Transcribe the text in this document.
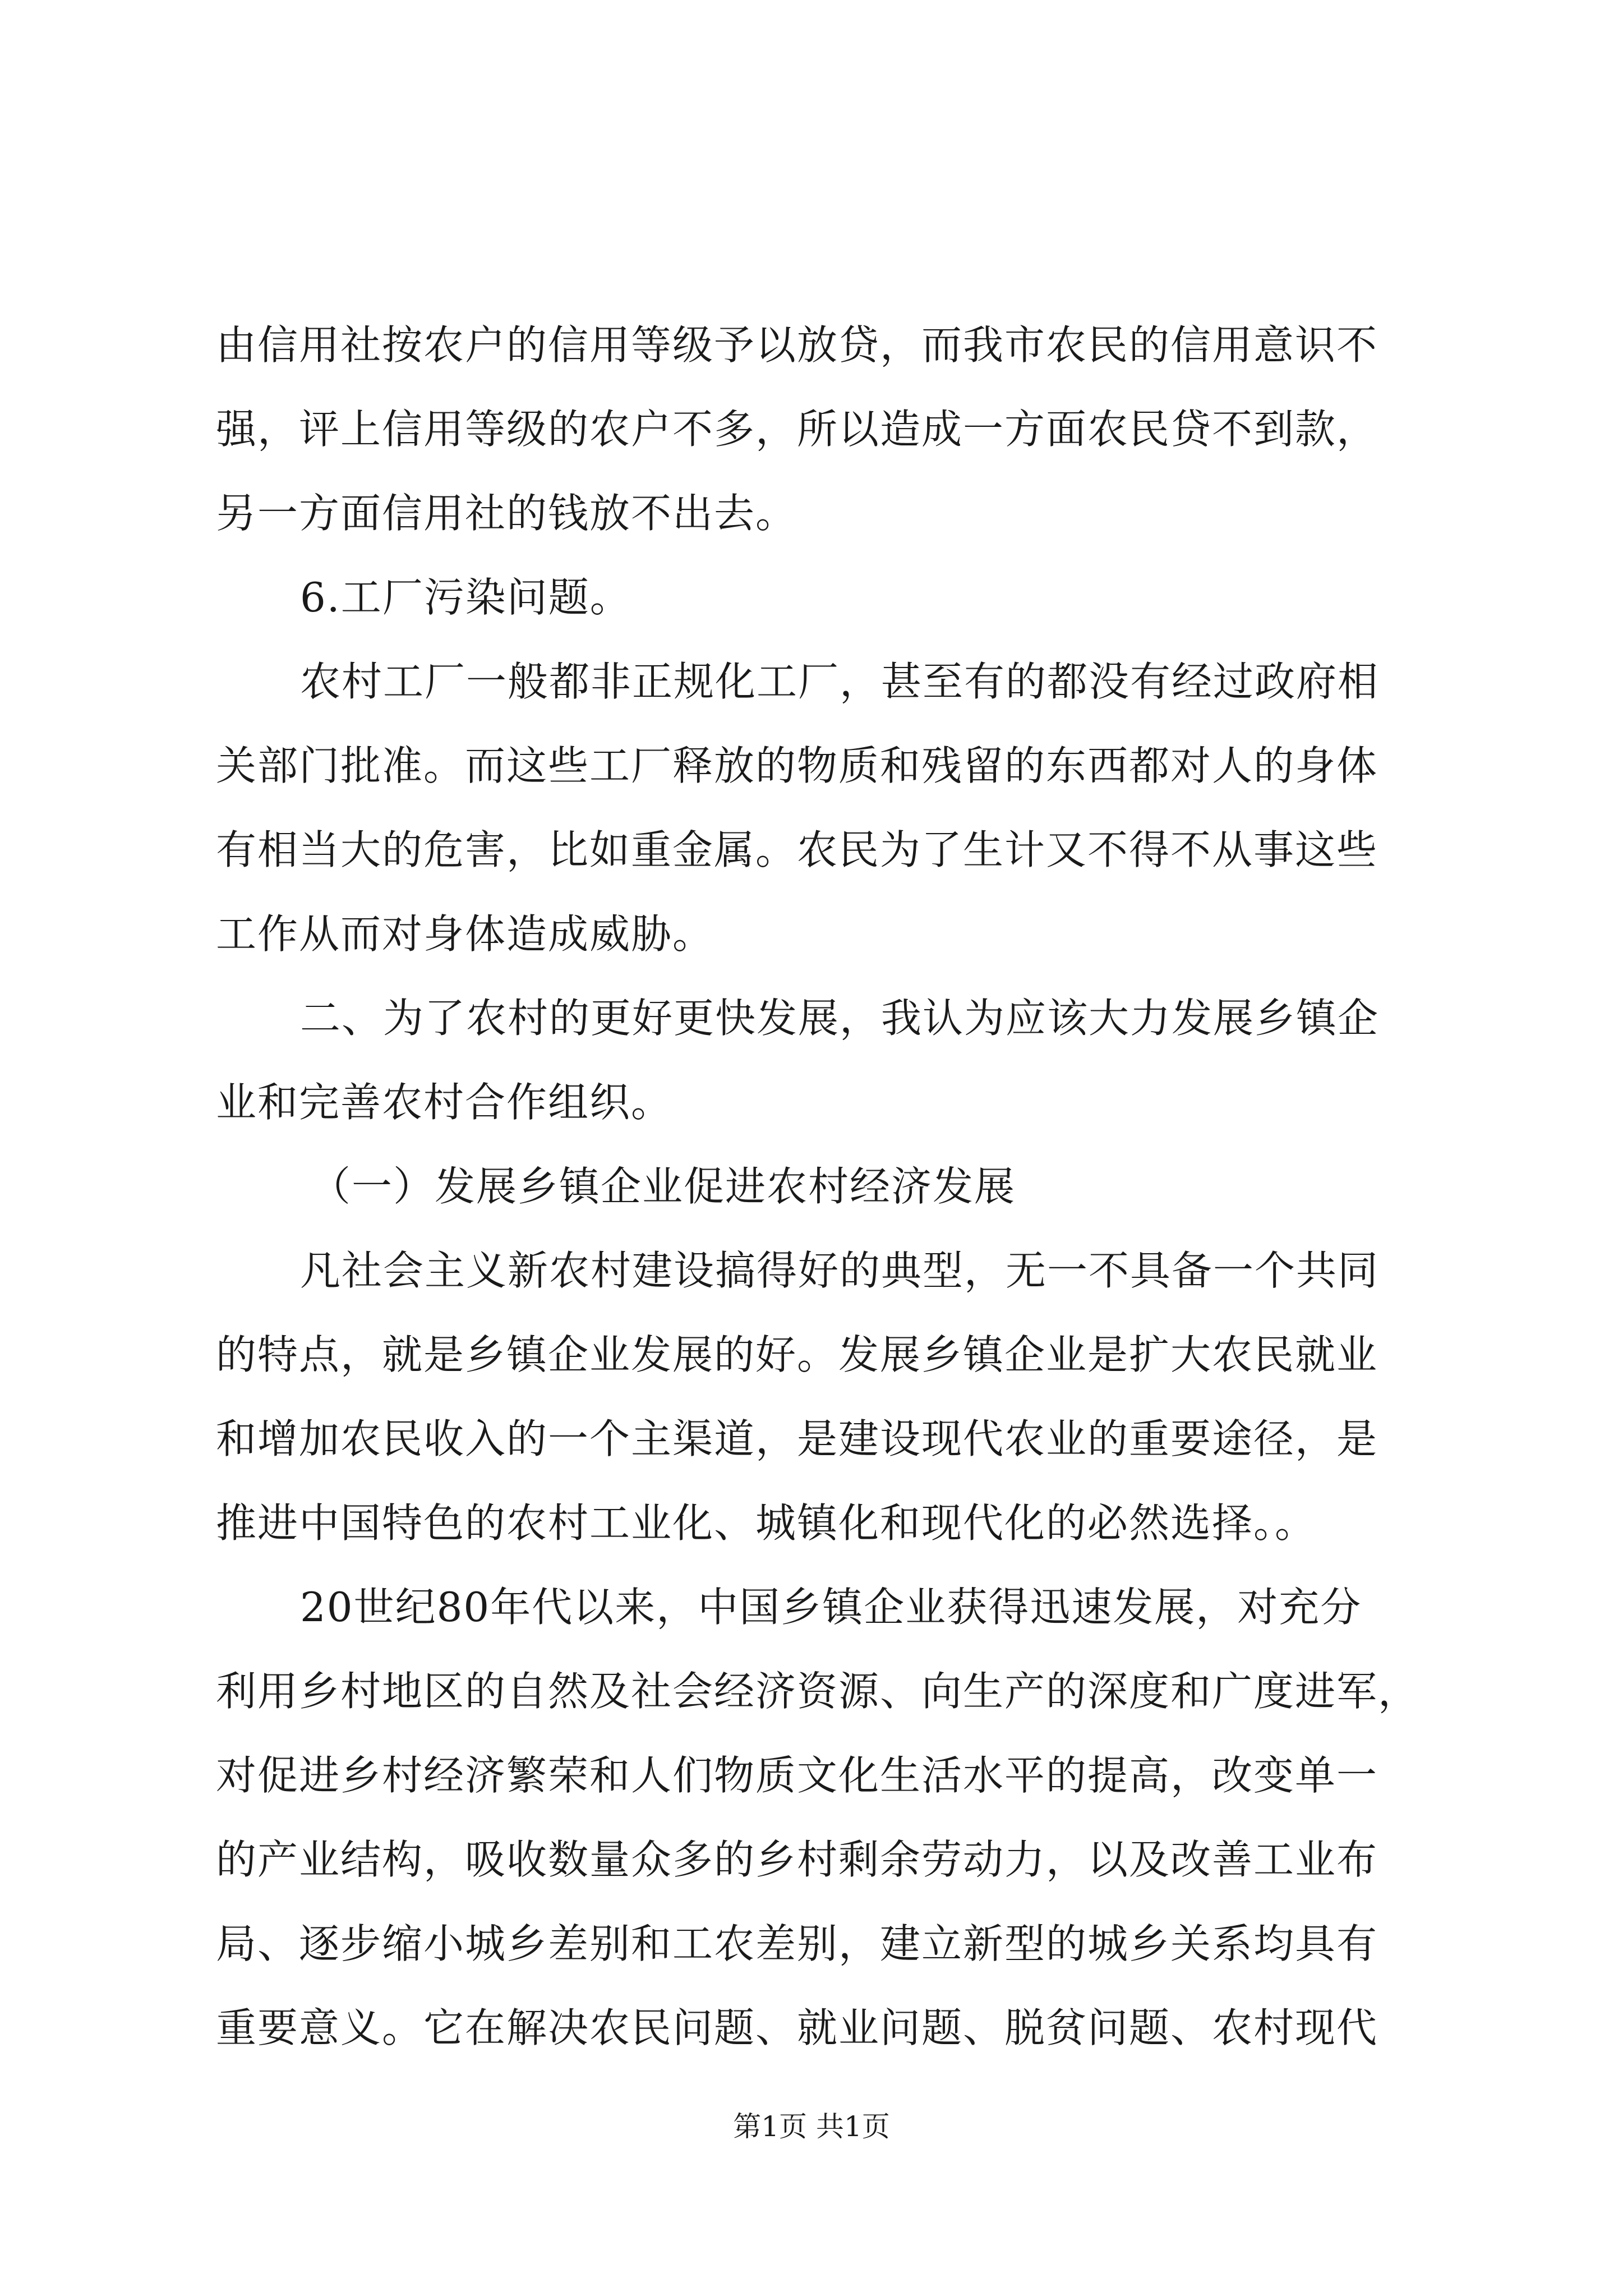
由信用社按农户的信用等级予以放贷，而我市农民的信用意识不
强，评上信用等级的农户不多，所以造成一方面农民贷不到款，
另一方面信用社的钱放不出去。
6.工厂污染问题。
农村工厂一般都非正规化工厂，甚至有的都没有经过政府相
关部门批准。而这些工厂释放的物质和残留的东西都对人的身体
有相当大的危害，比如重金属。农民为了生计又不得不从事这些
工作从而对身体造成威胁。
二、为了农村的更好更快发展，我认为应该大力发展乡镇企
业和完善农村合作组织。
（一）发展乡镇企业促进农村经济发展
凡社会主义新农村建设搞得好的典型，无一不具备一个共同
的特点，就是乡镇企业发展的好。发展乡镇企业是扩大农民就业
和增加农民收入的一个主渠道，是建设现代农业的重要途径，是
推进中国特色的农村工业化、城镇化和现代化的必然选择。。
20世纪80年代以来，中国乡镇企业获得迅速发展，对充分
利用乡村地区的自然及社会经济资源、向生产的深度和广度进军，
对促进乡村经济繁荣和人们物质文化生活水平的提高，改变单一
的产业结构，吸收数量众多的乡村剩余劳动力，以及改善工业布
局、逐步缩小城乡差别和工农差别，建立新型的城乡关系均具有
重要意义。它在解决农民问题、就业问题、脱贫问题、农村现代
第1页 共1页
